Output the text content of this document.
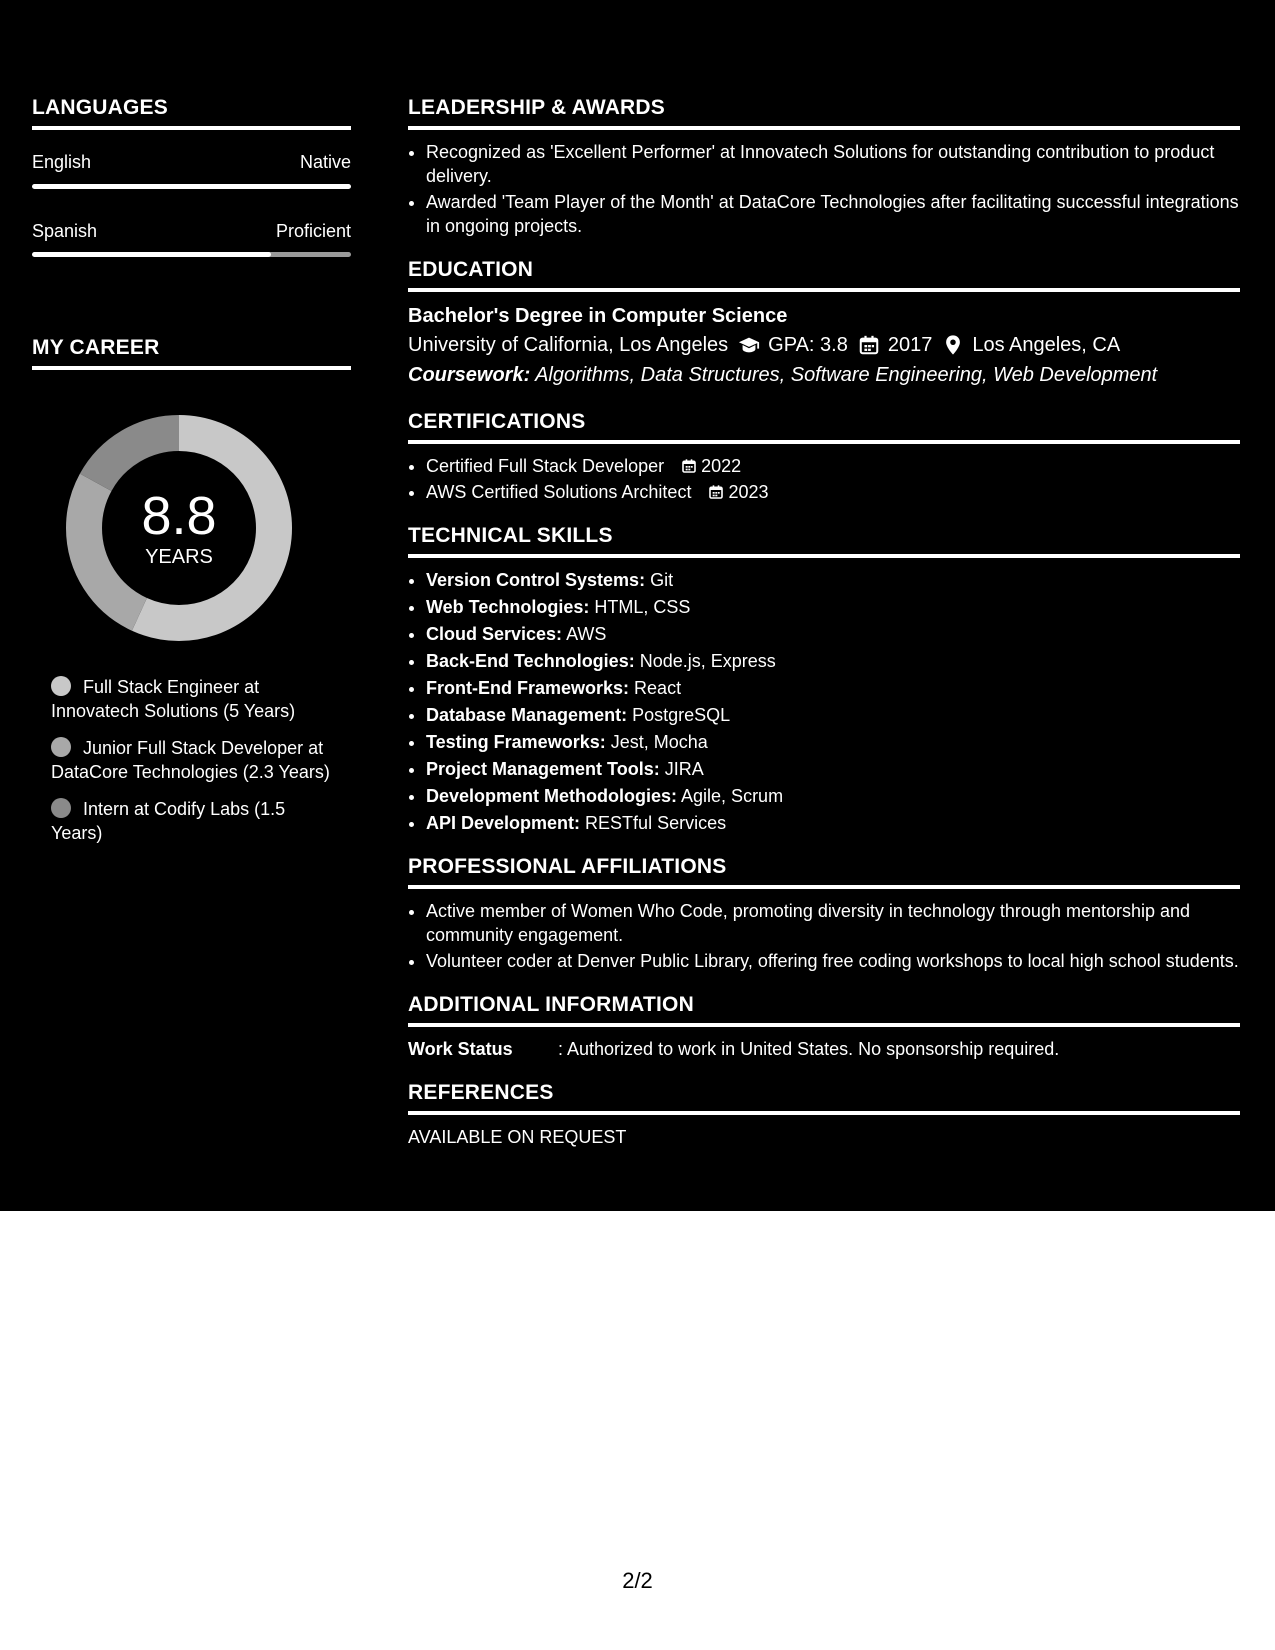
LANGUAGES
English	Native
Spanish	Proficient
MY CAREER
8.8
YEARS
Full Stack Engineer at Innovatech Solutions (5 Years)
Junior Full Stack Developer at DataCore Technologies (2.3 Years)
Intern at Codify Labs (1.5 Years)
LEADERSHIP & AWARDS
• Recognized as 'Excellent Performer' at Innovatech Solutions for outstanding contribution to product delivery.
• Awarded 'Team Player of the Month' at DataCore Technologies after facilitating successful integrations in ongoing projects.
EDUCATION
Bachelor's Degree in Computer Science
University of California, Los Angeles GPA: 3.8 2017 Los Angeles, CA
Coursework: Algorithms, Data Structures, Software Engineering, Web Development
CERTIFICATIONS
• Certified Full Stack Developer 2022
• AWS Certified Solutions Architect 2023
TECHNICAL SKILLS
• Version Control Systems: Git
• Web Technologies: HTML, CSS
• Cloud Services: AWS
• Back-End Technologies: Node.js, Express
• Front-End Frameworks: React
• Database Management: PostgreSQL
• Testing Frameworks: Jest, Mocha
• Project Management Tools: JIRA
• Development Methodologies: Agile, Scrum
• API Development: RESTful Services
PROFESSIONAL AFFILIATIONS
• Active member of Women Who Code, promoting diversity in technology through mentorship and community engagement.
• Volunteer coder at Denver Public Library, offering free coding workshops to local high school students.
ADDITIONAL INFORMATION
Work Status	: Authorized to work in United States. No sponsorship required.
REFERENCES
AVAILABLE ON REQUEST
2/2
